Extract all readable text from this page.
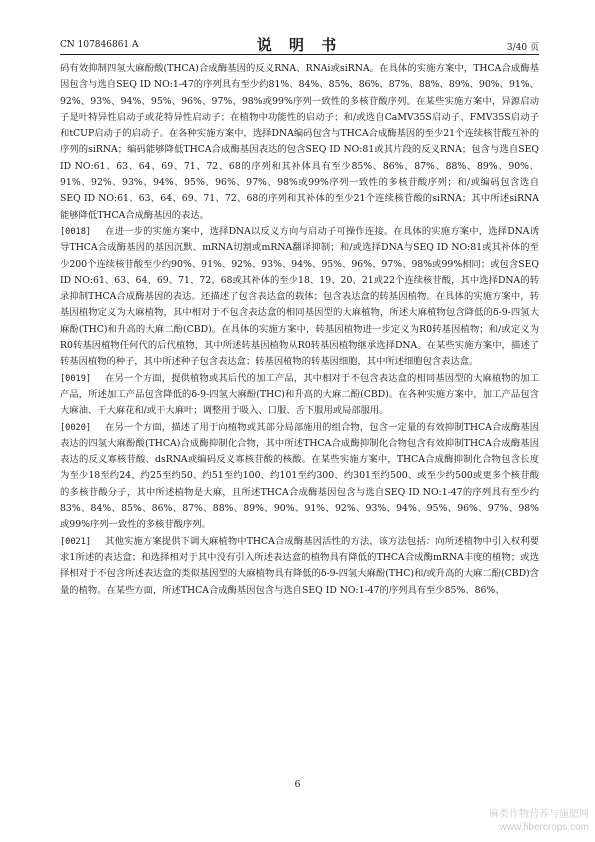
CN 107846861 A	说 明 书	3/40 页

码有效抑制四氢大麻酚酸(THCA)合成酶基因的反义RNA、RNAi或siRNA。在具体的实施方案中，THCA合成酶基因包含与选自SEQ ID NO:1-47的序列具有至少约81%、84%、85%、86%、87%、88%、89%、90%、91%、92%、93%、94%、95%、96%、97%、98%或99%序列一致性的多核苷酸序列。在某些实施方案中，异源启动子是叶特异性启动子或花特异性启动子；在植物中功能性的启动子；和/或选自CaMV35S启动子、FMV35S启动子和tCUP启动子的启动子。在各种实施方案中，选择DNA编码包含与THCA合成酶基因的至少21个连续核苷酸互补的序列的siRNA；编码能够降低THCA合成酶基因表达的包含SEQ ID NO:81或其片段的反义RNA；包含与选自SEQ ID NO:61、63、64、69、71、72、68的序列和其补体具有至少85%、86%、87%、88%、89%、90%、91%、92%、93%、94%、95%、96%、97%、98%或99%序列一致性的多核苷酸序列；和/或编码包含选自SEQ ID NO:61、63、64、69、71、72、68的序列和其补体的至少21个连续核苷酸的siRNA；其中所述siRNA能够降低THCA合成酶基因的表达。

[0018] 在进一步的实施方案中，选择DNA以反义方向与启动子可操作连接。在具体的实施方案中，选择DNA诱导THCA合成酶基因的基因沉默、mRNA切割或mRNA翻译抑制；和/或选择DNA与SEQ ID NO:81或其补体的至少200个连续核苷酸至少约90%、91%、92%、93%、94%、95%、96%、97%、98%或99%相同；或包含SEQ ID NO:61、63、64、69、71、72、68或其补体的至少18、19、20、21或22个连续核苷酸，其中选择DNA的转录抑制THCA合成酶基因的表达。还描述了包含表达盒的载体；包含表达盒的转基因植物。在具体的实施方案中，转基因植物定义为大麻植物，其中相对于不包含表达盒的相同基因型的大麻植物，所述大麻植物包含降低的δ-9-四氢大麻酚(THC)和升高的大麻二酚(CBD)。在具体的实施方案中，转基因植物进一步定义为R0转基因植物；和/或定义为R0转基因植物任何代的后代植物，其中所述转基因植物从R0转基因植物继承选择DNA。在某些实施方案中，描述了转基因植物的种子，其中所述种子包含表达盒；转基因植物的转基因细胞，其中所述细胞包含表达盒。

[0019] 在另一个方面，提供植物或其后代的加工产品，其中相对于不包含表达盒的相同基因型的大麻植物的加工产品，所述加工产品包含降低的δ-9-四氢大麻酚(THC)和升高的大麻二酚(CBD)。在各种实施方案中，加工产品包含大麻油、干大麻花和/或干大麻叶；调整用于吸入、口服、舌下服用或局部服用。

[0020] 在另一个方面，描述了用于向植物或其部分局部施用的组合物，包含一定量的有效抑制THCA合成酶基因表达的四氢大麻酚酸(THCA)合成酶抑制化合物，其中所述THCA合成酶抑制化合物包含有效抑制THCA合成酶基因表达的反义寡核苷酸、dsRNA或编码反义寡核苷酸的核酸。在某些实施方案中，THCA合成酶抑制化合物包含长度为至少18至约24、约25至约50、约51至约100、约101至约300、约301至约500、或至少约500或更多个核苷酸的多核苷酸分子，其中所述植物是大麻，且所述THCA合成酶基因包含与选自SEQ ID NO:1-47的序列具有至少约83%、84%、85%、86%、87%、88%、89%、90%、91%、92%、93%、94%、95%、96%、97%、98%或99%序列一致性的多核苷酸序列。

[0021] 其他实施方案提供下调大麻植物中THCA合成酶基因活性的方法，该方法包括：向所述植物中引入权利要求1所述的表达盒；和选择相对于其中没有引入所述表达盒的植物具有降低的THCA合成酶mRNA丰度的植物；或选择相对于不包含所述表达盒的类似基因型的大麻植物具有降低的δ-9-四氢大麻酚(THC)和/或升高的大麻二酚(CBD)含量的植物。在某些方面，所述THCA合成酶基因包含与选自SEQ ID NO:1-47的序列具有至少85%、86%、

6
麻类作物营养与施肥网
www.fibercrops.com
